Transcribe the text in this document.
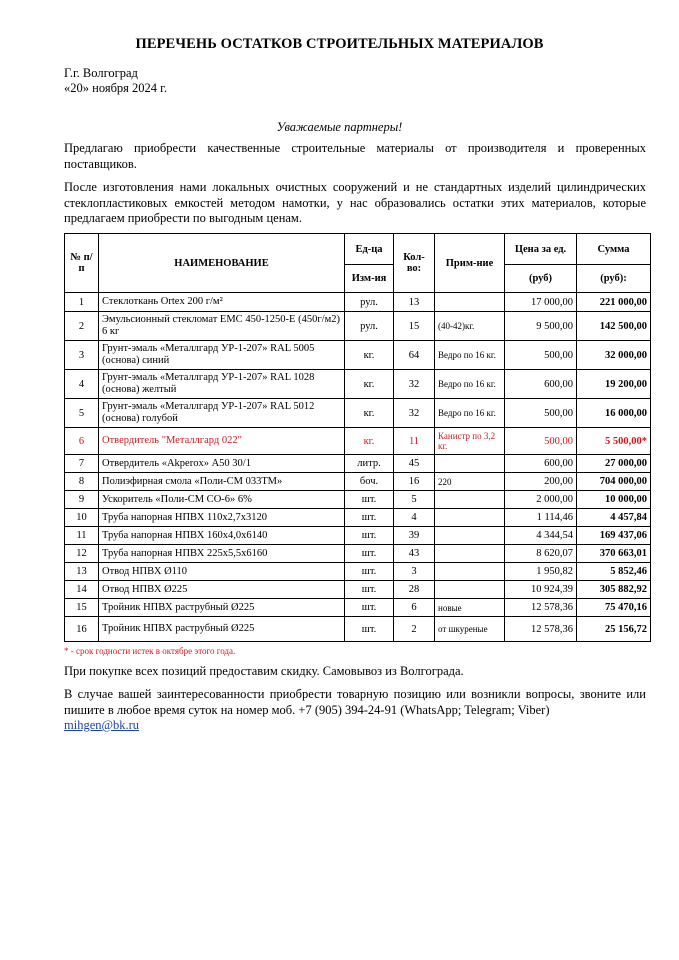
ПЕРЕЧЕНЬ ОСТАТКОВ СТРОИТЕЛЬНЫХ МАТЕРИАЛОВ
Г.г. Волгоград
«20» ноября 2024 г.
Уважаемые партнеры!
Предлагаю приобрести качественные строительные материалы от производителя и проверенных поставщиков.
После изготовления нами локальных очистных сооружений и не стандартных изделий цилиндрических стеклопластиковых емкостей методом намотки, у нас образовались остатки этих материалов, которые предлагаем приобрести по выгодным ценам.
№ п/п	НАИМЕНОВАНИЕ	Ед-ца	Кол-во:	Прим-ние	Цена за ед.	Сумма
		Изм-ия			(руб)	(руб):
1	Стеклоткань Ortex 200 г/м²	рул.	13		17 000,00	221 000,00
2	Эмульсионный стекломат ЕМС 450-1250-Е (450г/м2) 6 кг	рул.	15	(40-42)кг.	9 500,00	142 500,00
3	Грунт-эмаль «Металлгард УР-1-207» RAL 5005 (основа) синий	кг.	64	Ведро по 16 кг.	500,00	32 000,00
4	Грунт-эмаль «Металлгард УР-1-207» RAL 1028 (основа) желтый	кг.	32	Ведро по 16 кг.	600,00	19 200,00
5	Грунт-эмаль «Металлгард УР-1-207» RAL 5012 (основа) голубой	кг.	32	Ведро по 16 кг.	500,00	16 000,00
6	Отвердитель "Металлгард 022"	кг.	11	Канистр по 3,2 кг.	500,00	5 500,00*
7	Отвердитель «Akperox» А50 30/1	литр.	45		600,00	27 000,00
8	Полиэфирная смола «Поли-СМ 033ТМ»	боч.	16	220	200,00	704 000,00
9	Ускоритель «Поли-СМ СО-6» 6%	шт.	5		2 000,00	10 000,00
10	Труба напорная НПВХ 110х2,7х3120	шт.	4		1 114,46	4 457,84
11	Труба напорная НПВХ 160х4,0х6140	шт.	39		4 344,54	169 437,06
12	Труба напорная НПВХ 225х5,5х6160	шт.	43		8 620,07	370 663,01
13	Отвод НПВХ Ø110	шт.	3		1 950,82	5 852,46
14	Отвод НПВХ Ø225	шт.	28		10 924,39	305 882,92
15	Тройник НПВХ раструбный Ø225	шт.	6	новые	12 578,36	75 470,16
16	Тройник НПВХ раструбный Ø225	шт.	2	от шкуреные	12 578,36	25 156,72
* - срок годности истек в октябре этого года.
При покупке всех позиций предоставим скидку. Самовывоз из Волгограда.
В случае вашей заинтересованности приобрести товарную позицию или возникли вопросы, звоните или пишите в любое время суток на номер моб. +7 (905) 394-24-91 (WhatsApp; Telegram; Viber)
mihgen@bk.ru
